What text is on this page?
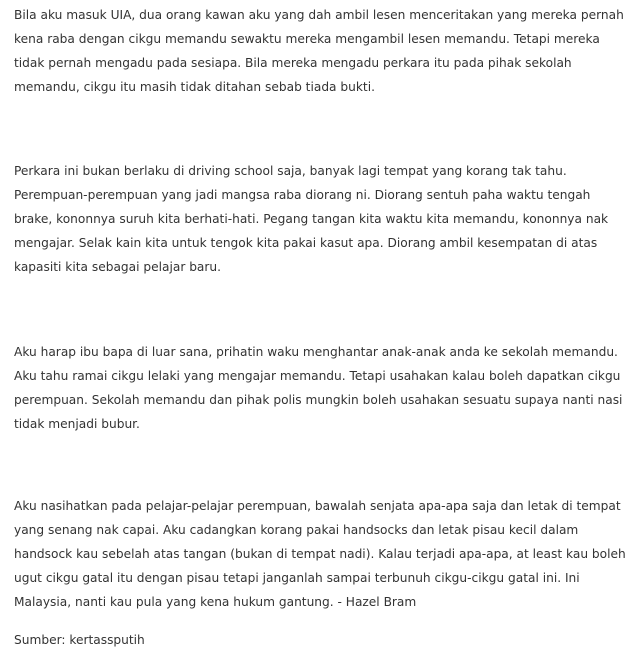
Bila aku masuk UIA, dua orang kawan aku yang dah ambil lesen menceritakan yang mereka pernah kena raba dengan cikgu memandu sewaktu mereka mengambil lesen memandu. Tetapi mereka tidak pernah mengadu pada sesiapa. Bila mereka mengadu perkara itu pada pihak sekolah memandu, cikgu itu masih tidak ditahan sebab tiada bukti.

Perkara ini bukan berlaku di driving school saja, banyak lagi tempat yang korang tak tahu. Perempuan-perempuan yang jadi mangsa raba diorang ni. Diorang sentuh paha waktu tengah brake, kononnya suruh kita berhati-hati. Pegang tangan kita waktu kita memandu, kononnya nak mengajar. Selak kain kita untuk tengok kita pakai kasut apa. Diorang ambil kesempatan di atas kapasiti kita sebagai pelajar baru.

Aku harap ibu bapa di luar sana, prihatin waku menghantar anak-anak anda ke sekolah memandu. Aku tahu ramai cikgu lelaki yang mengajar memandu. Tetapi usahakan kalau boleh dapatkan cikgu perempuan. Sekolah memandu dan pihak polis mungkin boleh usahakan sesuatu supaya nanti nasi tidak menjadi bubur.

Aku nasihatkan pada pelajar-pelajar perempuan, bawalah senjata apa-apa saja dan letak di tempat yang senang nak capai. Aku cadangkan korang pakai handsocks dan letak pisau kecil dalam handsock kau sebelah atas tangan (bukan di tempat nadi). Kalau terjadi apa-apa, at least kau boleh ugut cikgu gatal itu dengan pisau tetapi janganlah sampai terbunuh cikgu-cikgu gatal ini. Ini Malaysia, nanti kau pula yang kena hukum gantung. - Hazel Bram

Sumber: kertassputih
